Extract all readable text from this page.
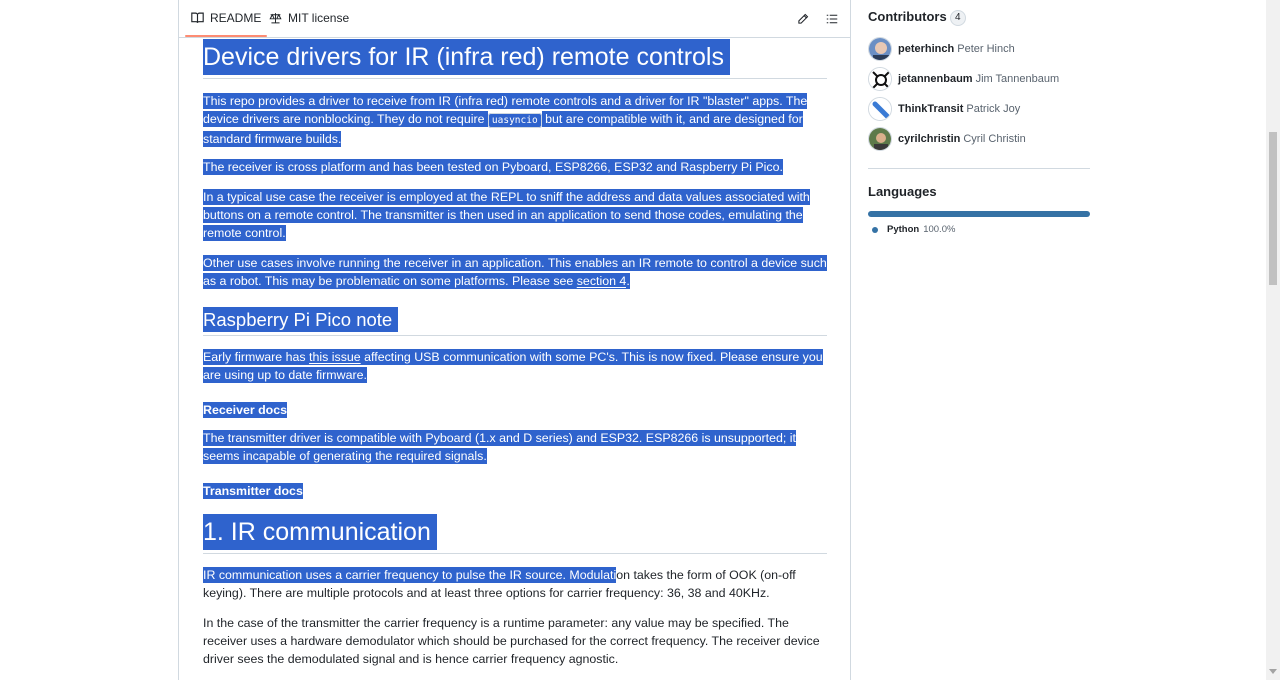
README MIT license
Device drivers for IR (infra red) remote controls

This repo provides a driver to receive from IR (infra red) remote controls and a driver for IR "blaster" apps. The device drivers are nonblocking. They do not require uasyncio but are compatible with it, and are designed for standard firmware builds.

The receiver is cross platform and has been tested on Pyboard, ESP8266, ESP32 and Raspberry Pi Pico.

In a typical use case the receiver is employed at the REPL to sniff the address and data values associated with buttons on a remote control. The transmitter is then used in an application to send those codes, emulating the remote control.

Other use cases involve running the receiver in an application. This enables an IR remote to control a device such as a robot. This may be problematic on some platforms. Please see section 4.

Raspberry Pi Pico note

Early firmware has this issue affecting USB communication with some PC's. This is now fixed. Please ensure you are using up to date firmware.

Receiver docs

The transmitter driver is compatible with Pyboard (1.x and D series) and ESP32. ESP8266 is unsupported; it seems incapable of generating the required signals.

Transmitter docs

1. IR communication

IR communication uses a carrier frequency to pulse the IR source. Modulation takes the form of OOK (on-off keying). There are multiple protocols and at least three options for carrier frequency: 36, 38 and 40KHz.

In the case of the transmitter the carrier frequency is a runtime parameter: any value may be specified. The receiver uses a hardware demodulator which should be purchased for the correct frequency. The receiver device driver sees the demodulated signal and is hence carrier frequency agnostic.

Contributors 4
peterhinch Peter Hinch
jetannenbaum Jim Tannenbaum
ThinkTransit Patrick Joy
cyrilchristin Cyril Christin
Languages
Python 100.0%
